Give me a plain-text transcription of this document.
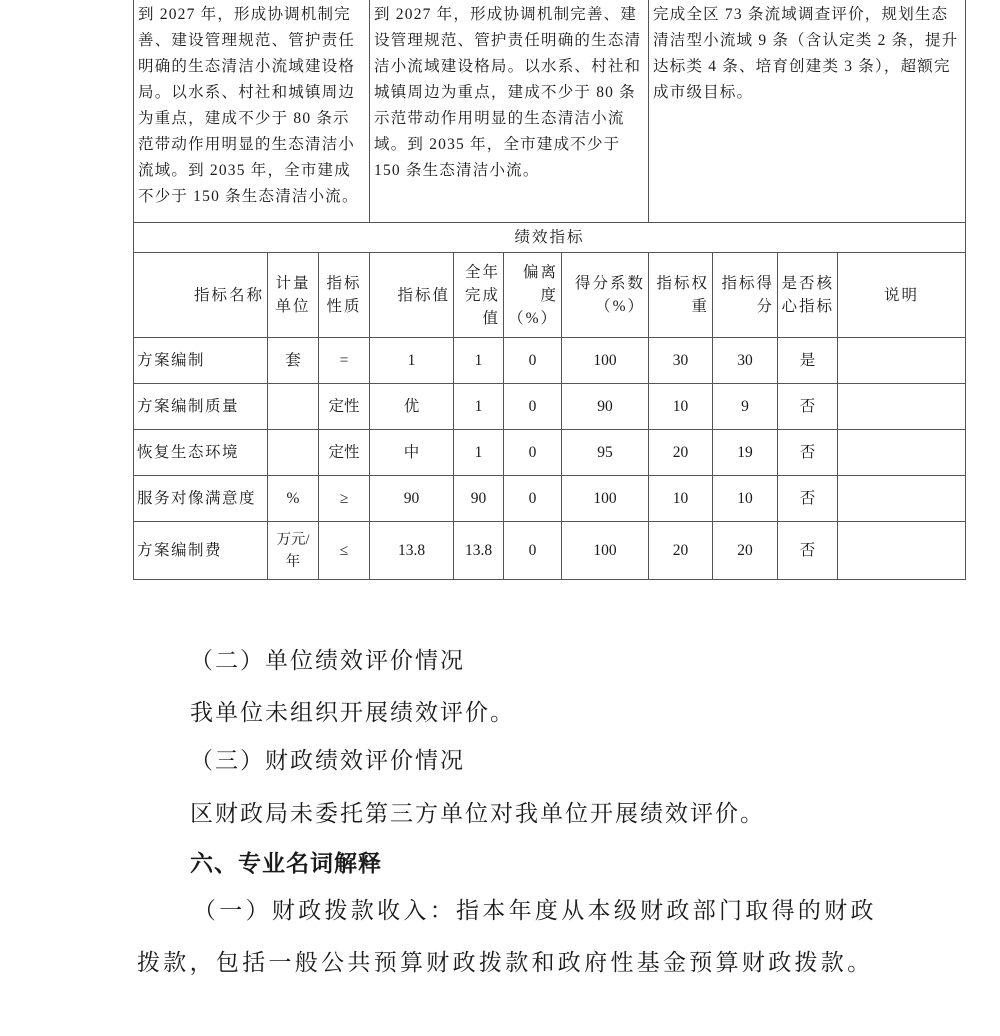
到 2027 年，形成协调机制完善、建设管理规范、管护责任明确的生态清洁小流域建设格局。以水系、村社和城镇周边为重点，建成不少于 80 条示范带动作用明显的生态清洁小流域。到 2035 年，全市建成不少于 150 条生态清洁小流。			到 2027 年，形成协调机制完善、建设管理规范、管护责任明确的生态清洁小流域建设格局。以水系、村社和城镇周边为重点，建成不少于 80 条示范带动作用明显的生态清洁小流域。到 2035 年，全市建成不少于 150 条生态清洁小流。				完成全区 73 条流域调查评价，规划生态清洁型小流域 9 条（含认定类 2 条，提升达标类 4 条、培育创建类 3 条），超额完成市级目标。			
绩效指标										
指标名称	计量单位	指标性质	指标值	全年完成值	偏离度（%）	得分系数（%）	指标权重	指标得分	是否核心指标	说明
方案编制	套	=	1	1	0	100	30	30	是	
方案编制质量		定性	优	1	0	90	10	9	否	
恢复生态环境		定性	中	1	0	95	20	19	否	
服务对像满意度	%	≥	90	90	0	100	10	10	否	
方案编制费	万元/年	≤	13.8	13.8	0	100	20	20	否	
（二）单位绩效评价情况
我单位未组织开展绩效评价。
（三）财政绩效评价情况
区财政局未委托第三方单位对我单位开展绩效评价。
六、专业名词解释
（一）财政拨款收入：指本年度从本级财政部门取得的财政拨款，包括一般公共预算财政拨款和政府性基金预算财政拨款。
